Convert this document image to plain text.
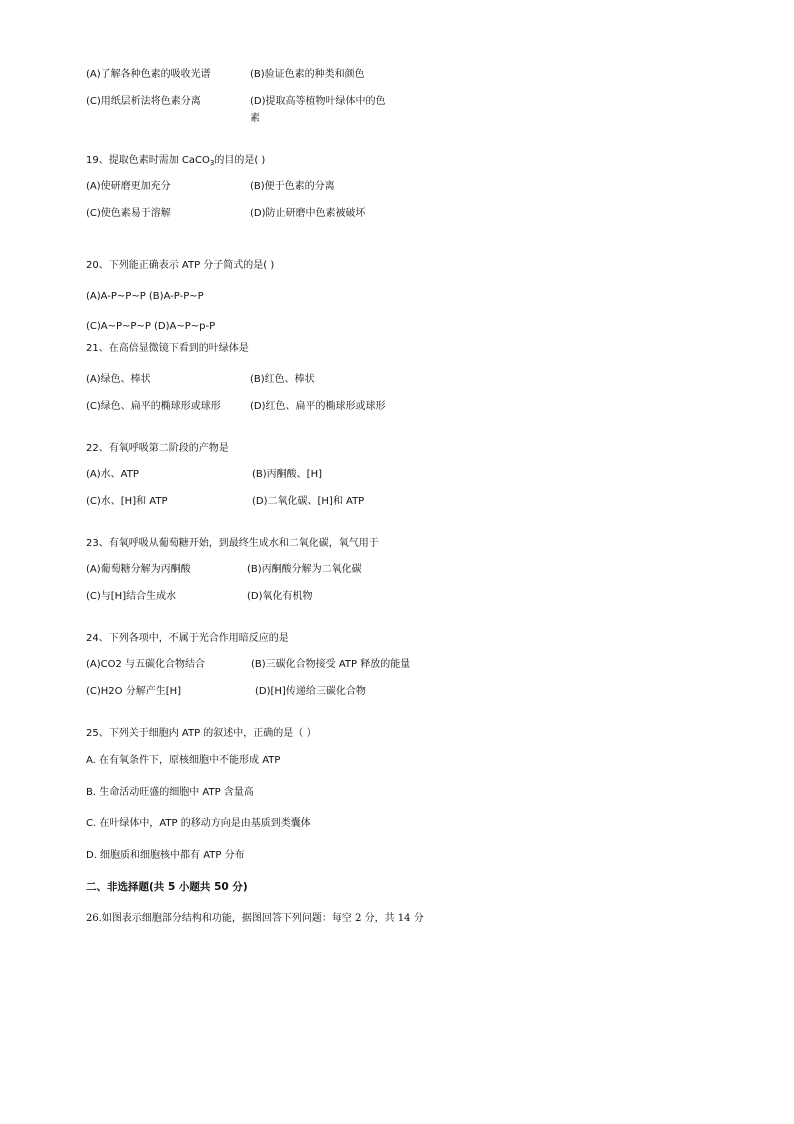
(A)了解各种色素的吸收光谱	(B)验证色素的种类和颜色
(C)用纸层析法将色素分离	(D)提取高等植物叶绿体中的色
素
19、提取色素时需加 CaCO$_3$的目的是( )
(A)使研磨更加充分	(B)便于色素的分离
(C)使色素易于溶解	(D)防止研磨中色素被破坏
20、下列能正确表示 ATP 分子简式的是( )
(A)A-P~P~P (B)A-P-P~P
(C)A~P~P~P (D)A~P~p-P
21、在高倍显微镜下看到的叶绿体是
(A)绿色、棒状	(B)红色、棒状
(C)绿色、扁平的椭球形或球形	(D)红色、扁平的椭球形或球形
22、有氧呼吸第二阶段的产物是
(A)水、ATP	(B)丙酮酸、[H]
(C)水、[H]和 ATP	(D)二氧化碳、[H]和 ATP
23、有氧呼吸从葡萄糖开始，到最终生成水和二氧化碳，氧气用于
(A)葡萄糖分解为丙酮酸	(B)丙酮酸分解为二氧化碳
(C)与[H]结合生成水	(D)氧化有机物
24、下列各项中，不属于光合作用暗反应的是
(A)CO2 与五碳化合物结合	(B)三碳化合物接受 ATP 释放的能量
(C)H2O 分解产生[H]	(D)[H]传递给三碳化合物
25、下列关于细胞内 ATP 的叙述中，正确的是（ ）
A. 在有氧条件下，原核细胞中不能形成 ATP
B. 生命活动旺盛的细胞中 ATP 含量高
C. 在叶绿体中，ATP 的移动方向是由基质到类囊体
D. 细胞质和细胞核中都有 ATP 分布
二、非选择题(共 5 小题共 50 分)
26.如图表示细胞部分结构和功能，据图回答下列问题：每空 2 分，共 14 分
